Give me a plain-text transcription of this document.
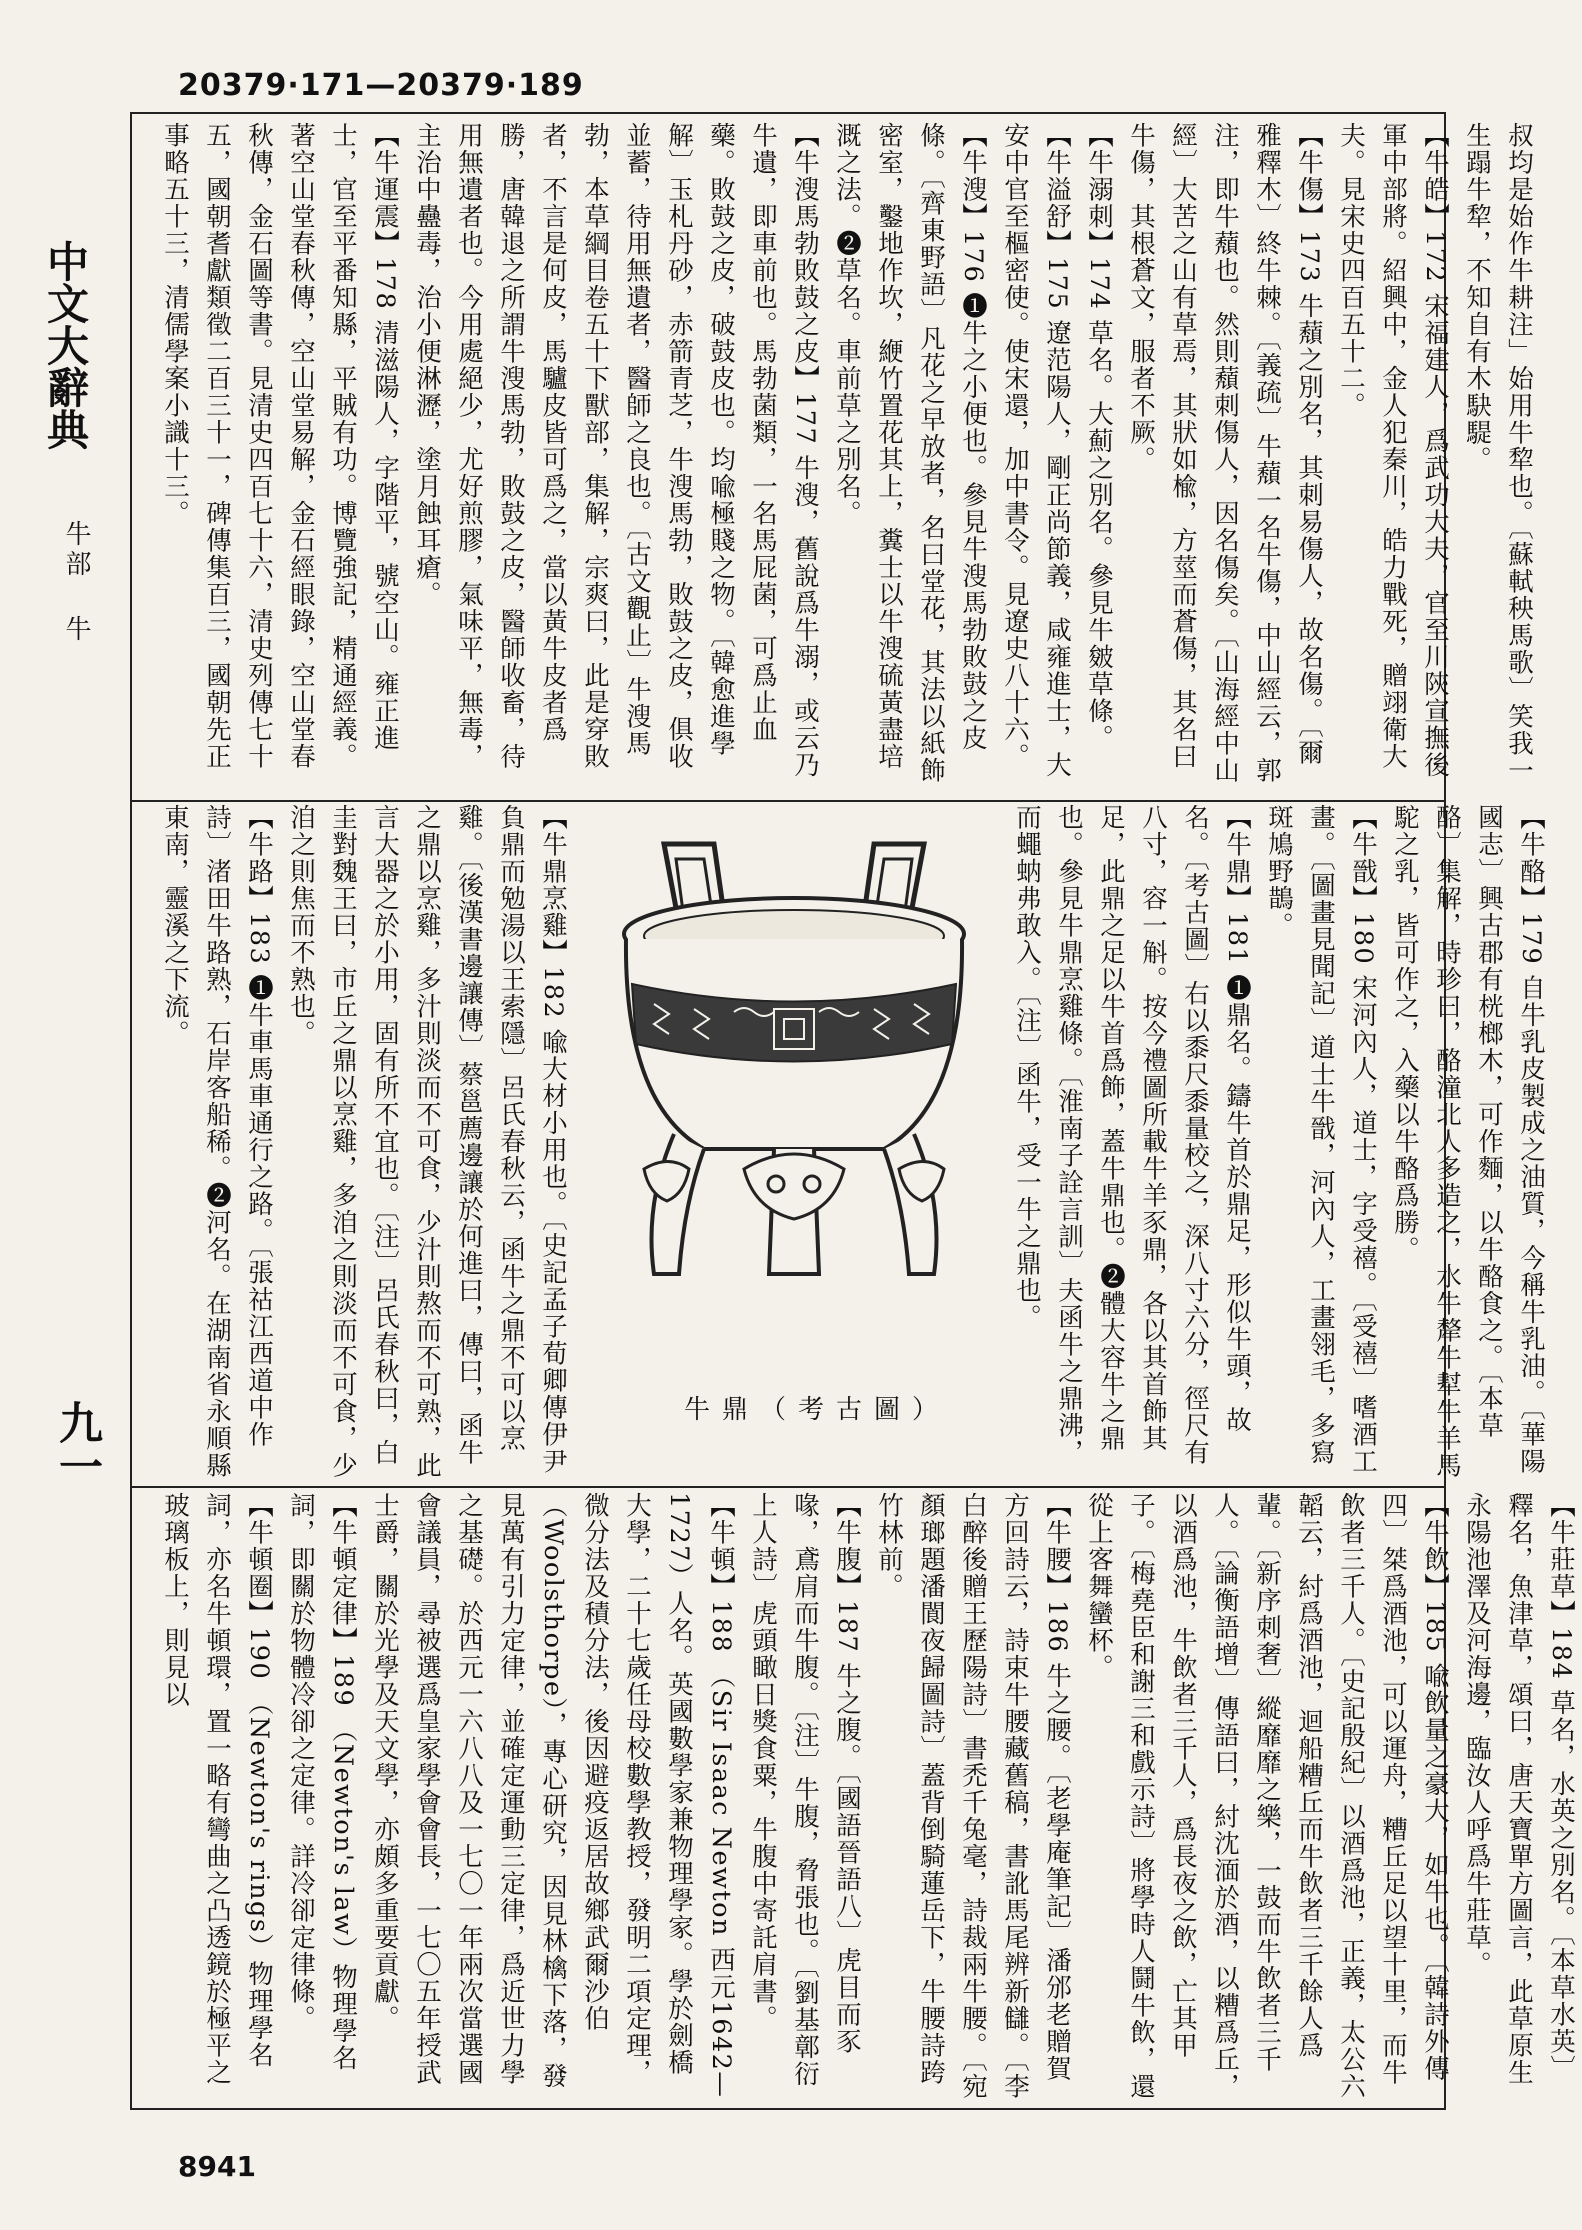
20379·171—20379·189
中文大辭典
牛部
牛
九一
叔均是始作牛耕注」始用牛犂也。〔蘇軾秧馬歌〕笑我一生蹋牛犂，不知自有木駃騠。
【牛皓】172 宋福建人，爲武功大夫，官至川陝宣撫後軍中部將。紹興中，金人犯秦川，皓力戰死，贈翊衛大夫。見宋史四百五十二。
【牛傷】173 牛蘈之別名，其刺易傷人，故名傷。〔爾雅釋木〕終牛棘。〔義疏〕牛蘈一名牛傷，中山經云，郭注，即牛蘈也。然則蘈刺傷人，因名傷矣。〔山海經中山經〕大苦之山有草焉，其狀如楡，方莖而蒼傷，其名曰牛傷，其根蒼文，服者不厥。
【牛溺刺】174 草名。大薊之別名。參見牛皴草條。
【牛溢舒】175 遼范陽人，剛正尚節義，咸雍進士，大安中官至樞密使。使宋還，加中書令。見遼史八十六。
【牛溲】176 ❶牛之小便也。參見牛溲馬勃敗鼓之皮條。〔齊東野語〕凡花之早放者，名曰堂花，其法以紙飾密室，鑿地作坎，緶竹置花其上，糞士以牛溲硫黃盡培溉之法。❷草名。車前草之別名。
【牛溲馬勃敗鼓之皮】177 牛溲，舊說爲牛溺，或云乃牛遺，即車前也。馬勃菌類，一名馬屁菌，可爲止血藥。敗鼓之皮，破鼓皮也。均喩極賤之物。〔韓愈進學解〕玉札丹砂，赤箭青芝，牛溲馬勃，敗鼓之皮，俱收並蓄，待用無遺者，醫師之良也。〔古文觀止〕牛溲馬勃，本草綱目卷五十下獸部，集解，宗爽曰，此是穿敗者，不言是何皮，馬驢皮皆可爲之，當以黃牛皮者爲勝，唐韓退之所謂牛溲馬勃，敗鼓之皮，醫師收畜，待用無遺者也。今用處絕少，尤好煎膠，氣味平，無毒，主治中蠱毒，治小便淋瀝，塗月蝕耳瘡。
【牛運震】178 清滋陽人，字階平，號空山。雍正進士，官至平番知縣，平賊有功。博覽強記，精通經義。著空山堂春秋傳，空山堂易解，金石經眼錄，空山堂春秋傳，金石圖等書。見清史四百七十六，清史列傳七十五，國朝耆獻類徵二百三十一，碑傳集百三，國朝先正事略五十三，清儒學案小識十三。
【牛酪】179 自牛乳皮製成之油質，今稱牛乳油。〔華陽國志〕興古郡有桄榔木，可作麵，以牛酪食之。〔本草酪〕集解，時珍曰，酪潼北人多造之，水牛犛牛犎牛羊馬駝之乳，皆可作之，入藥以牛酪爲勝。
【牛戩】180 宋河內人，道士，字受禧。〔受禧〕嗜酒工畫。〔圖畫見聞記〕道士牛戩，河內人，工畫翎毛，多寫斑鳩野鵲。
【牛鼎】181 ❶鼎名。鑄牛首於鼎足，形似牛頭，故名。〔考古圖〕右以黍尺黍量校之，深八寸六分，徑尺有八寸，容一斛。按今禮圖所載牛羊豕鼎，各以其首飾其足，此鼎之足以牛首爲飾，蓋牛鼎也。❷體大容牛之鼎也。參見牛鼎烹雞條。〔淮南子詮言訓〕夫函牛之鼎沸，而蠅蚋弗敢入。〔注〕函牛，受一牛之鼎也。
牛鼎（考古圖）
【牛鼎烹雞】182 喩大材小用也。〔史記孟子荀卿傳伊尹負鼎而勉湯以王索隱〕呂氏春秋云，函牛之鼎不可以烹雞。〔後漢書邊讓傳〕蔡邕薦邊讓於何進曰，傳曰，函牛之鼎以烹雞，多汁則淡而不可食，少汁則熬而不可熟，此言大器之於小用，固有所不宜也。〔注〕呂氏春秋曰，白圭對魏王曰，市丘之鼎以烹雞，多洎之則淡而不可食，少洎之則焦而不熟也。
【牛路】183 ❶牛車馬車通行之路。〔張祜江西道中作詩〕渚田牛路熟，石岸客船稀。❷河名。在湖南省永順縣東南，靈溪之下流。
【牛莊草】184 草名，水英之別名。〔本草水英〕釋名，魚津草，頌曰，唐天寶單方圖言，此草原生永陽池澤及河海邊，臨汝人呼爲牛莊草。
【牛飲】185 喩飲量之豪大，如牛也。〔韓詩外傳四〕桀爲酒池，可以運舟，糟丘足以望十里，而牛飲者三千人。〔史記殷紀〕以酒爲池，正義，太公六韜云，紂爲酒池，迴船糟丘而牛飲者三千餘人爲輩。〔新序刺奢〕縱靡靡之樂，一鼓而牛飲者三千人。〔論衡語增〕傳語曰，紂沈湎於酒，以糟爲丘，以酒爲池，牛飲者三千人，爲長夜之飲，亡其甲子。〔梅堯臣和謝三和戲示詩〕將學時人鬪牛飲，還從上客舞蠻杯。
【牛腰】186 牛之腰。〔老學庵筆記〕潘邠老贈賀方回詩云，詩束牛腰藏舊稿，書訛馬尾辨新讎。〔李白醉後贈王歷陽詩〕書禿千兔毫，詩裁兩牛腰。〔宛顏瑯題潘閬夜歸圖詩〕蓋背倒騎蓮岳下，牛腰詩跨竹林前。
【牛腹】187 牛之腹。〔國語晉語八〕虎目而豕喙，鳶肩而牛腹。〔注〕牛腹，脅張也。〔劉基鄣衍上人詩〕虎頭瞰日獎食粟，牛腹中寄託肩書。
【牛頓】188 （Sir Isaac Newton 西元1642—1727）人名。英國數學家兼物理學家。學於劍橋大學，二十七歲任母校數學教授，發明二項定理，微分法及積分法，後因避疫返居故鄉武爾沙伯（Woolsthorpe），專心研究，因見林檎下落，發見萬有引力定律，並確定運動三定律，爲近世力學之基礎。於西元一六八八及一七〇一年兩次當選國會議員，尋被選爲皇家學會會長，一七〇五年授武士爵，關於光學及天文學，亦頗多重要貢獻。
【牛頓定律】189 （Newton's law）物理學名詞，即關於物體冷卻之定律。詳冷卻定律條。
【牛頓圈】190 （Newton's rings）物理學名詞，亦名牛頓環，置一略有彎曲之凸透鏡於極平之玻璃板上，則見以
8941
